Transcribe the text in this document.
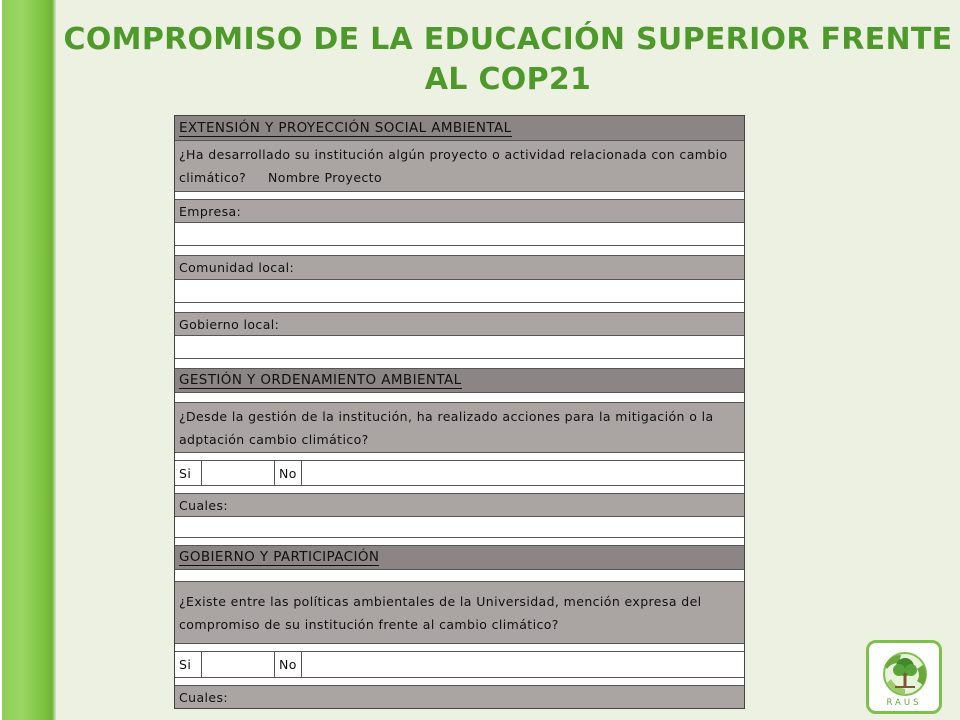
COMPROMISO DE LA EDUCACIÓN SUPERIOR FRENTE AL COP21
EXTENSIÓN Y PROYECCIÓN SOCIAL AMBIENTAL
¿Ha desarrollado su institución algún proyecto o actividad relacionada con cambio climático?     Nombre Proyecto
Empresa:
Comunidad local:
Gobierno local:
GESTIÓN Y ORDENAMIENTO AMBIENTAL
¿Desde la gestión de la institución, ha realizado acciones para la mitigación o la adptación cambio climático?
Si	No
Cuales:
GOBIERNO Y PARTICIPACIÓN
¿Existe entre las políticas ambientales de la Universidad, mención expresa del compromiso de su institución frente al cambio climático?
Si	No
Cuales:	RAUS
